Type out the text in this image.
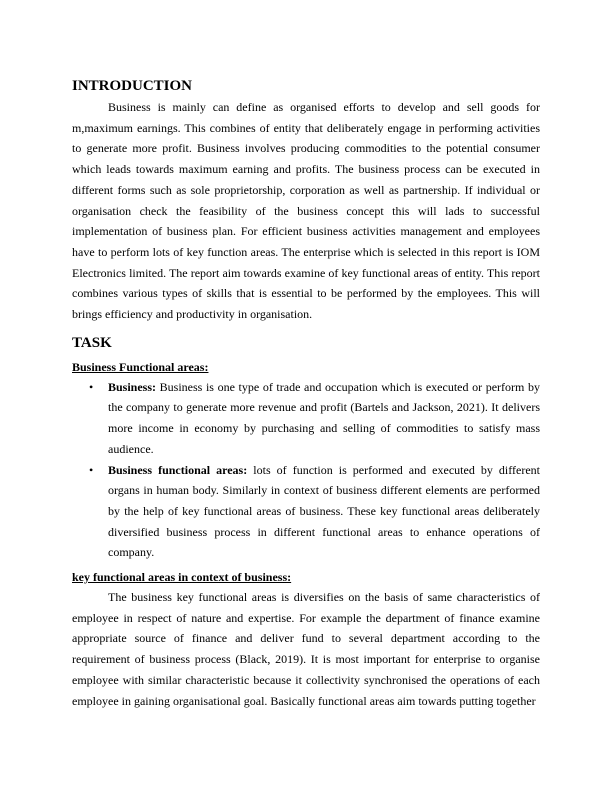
INTRODUCTION

Business is mainly can define as organised efforts to develop and sell goods for m,maximum earnings. This combines of entity that deliberately engage in performing activities to generate more profit. Business involves producing commodities to the potential consumer which leads towards maximum earning and profits. The business process can be executed in different forms such as sole proprietorship, corporation as well as partnership. If individual or organisation check the feasibility of the business concept this will lads to successful implementation of business plan. For efficient business activities management and employees have to perform lots of key function areas. The enterprise which is selected in this report is IOM Electronics limited. The report aim towards examine of key functional areas of entity. This report combines various types of skills that is essential to be performed by the employees. This will brings efficiency and productivity in organisation.

TASK

Business Functional areas:

• Business: Business is one type of trade and occupation which is executed or perform by the company to generate more revenue and profit (Bartels and Jackson, 2021). It delivers more income in economy by purchasing and selling of commodities to satisfy mass audience.
• Business functional areas: lots of function is performed and executed by different organs in human body. Similarly in context of business different elements are performed by the help of key functional areas of business. These key functional areas deliberately diversified business process in different functional areas to enhance operations of company.

key functional areas in context of business:

The business key functional areas is diversifies on the basis of same characteristics of employee in respect of nature and expertise. For example the department of finance examine appropriate source of finance and deliver fund to several department according to the requirement of business process (Black, 2019). It is most important for enterprise to organise employee with similar characteristic because it collectivity synchronised the operations of each employee in gaining organisational goal. Basically functional areas aim towards putting together
